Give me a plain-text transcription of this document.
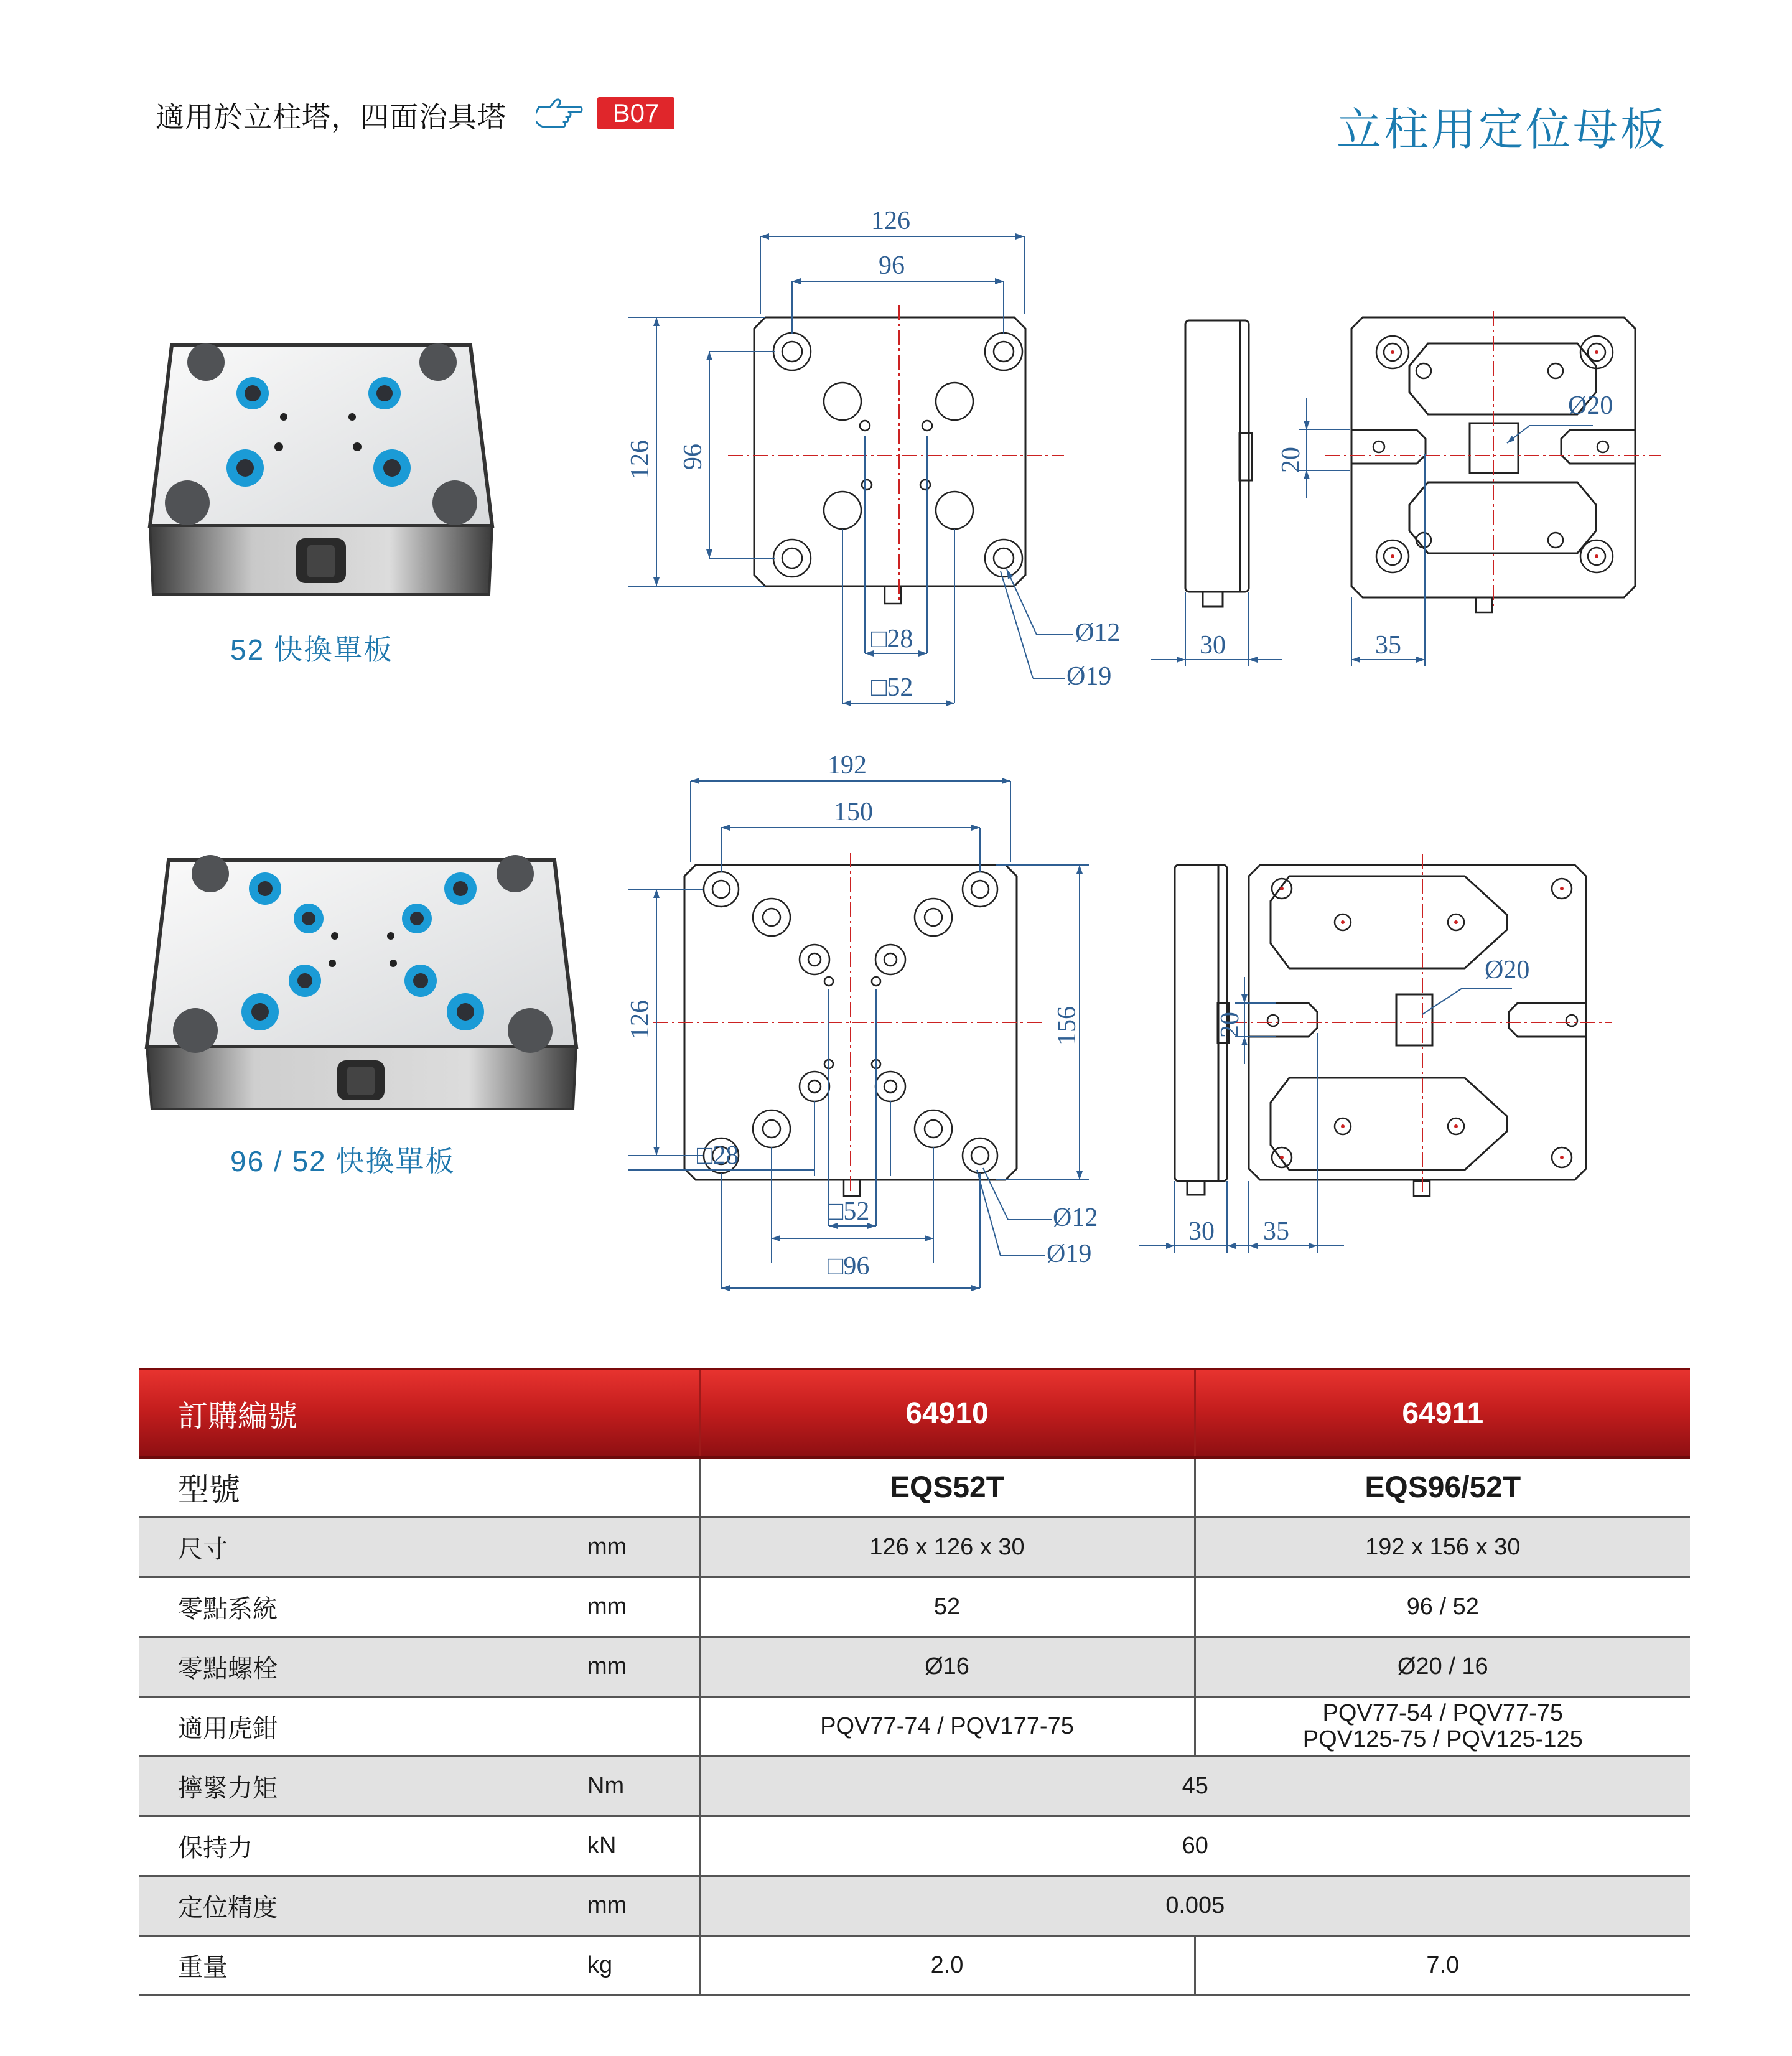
適用於立柱塔，四面治具塔	B07	立柱用定位母板
52 快換單板
96 / 52 快換單板
126
96
126 96
□28
□52
Ø12
Ø19
30
20
Ø20
35
192
150
126	156
□28
□52
□96
Ø12
Ø19
30
20
Ø20
35
訂購編號		64910	64911
型號		EQS52T	EQS96/52T
尺寸	mm	126 x 126 x 30	192 x 156 x 30
零點系統	mm	52	96 / 52
零點螺栓	mm	Ø16	Ø20 / 16
適用虎鉗		PQV77-74 / PQV177-75	PQV77-54 / PQV77-75
PQV125-75 / PQV125-125

擰緊力矩	Nm	45	
保持力	kN	60	
定位精度	mm	0.005	
重量	kg	2.0	7.0
